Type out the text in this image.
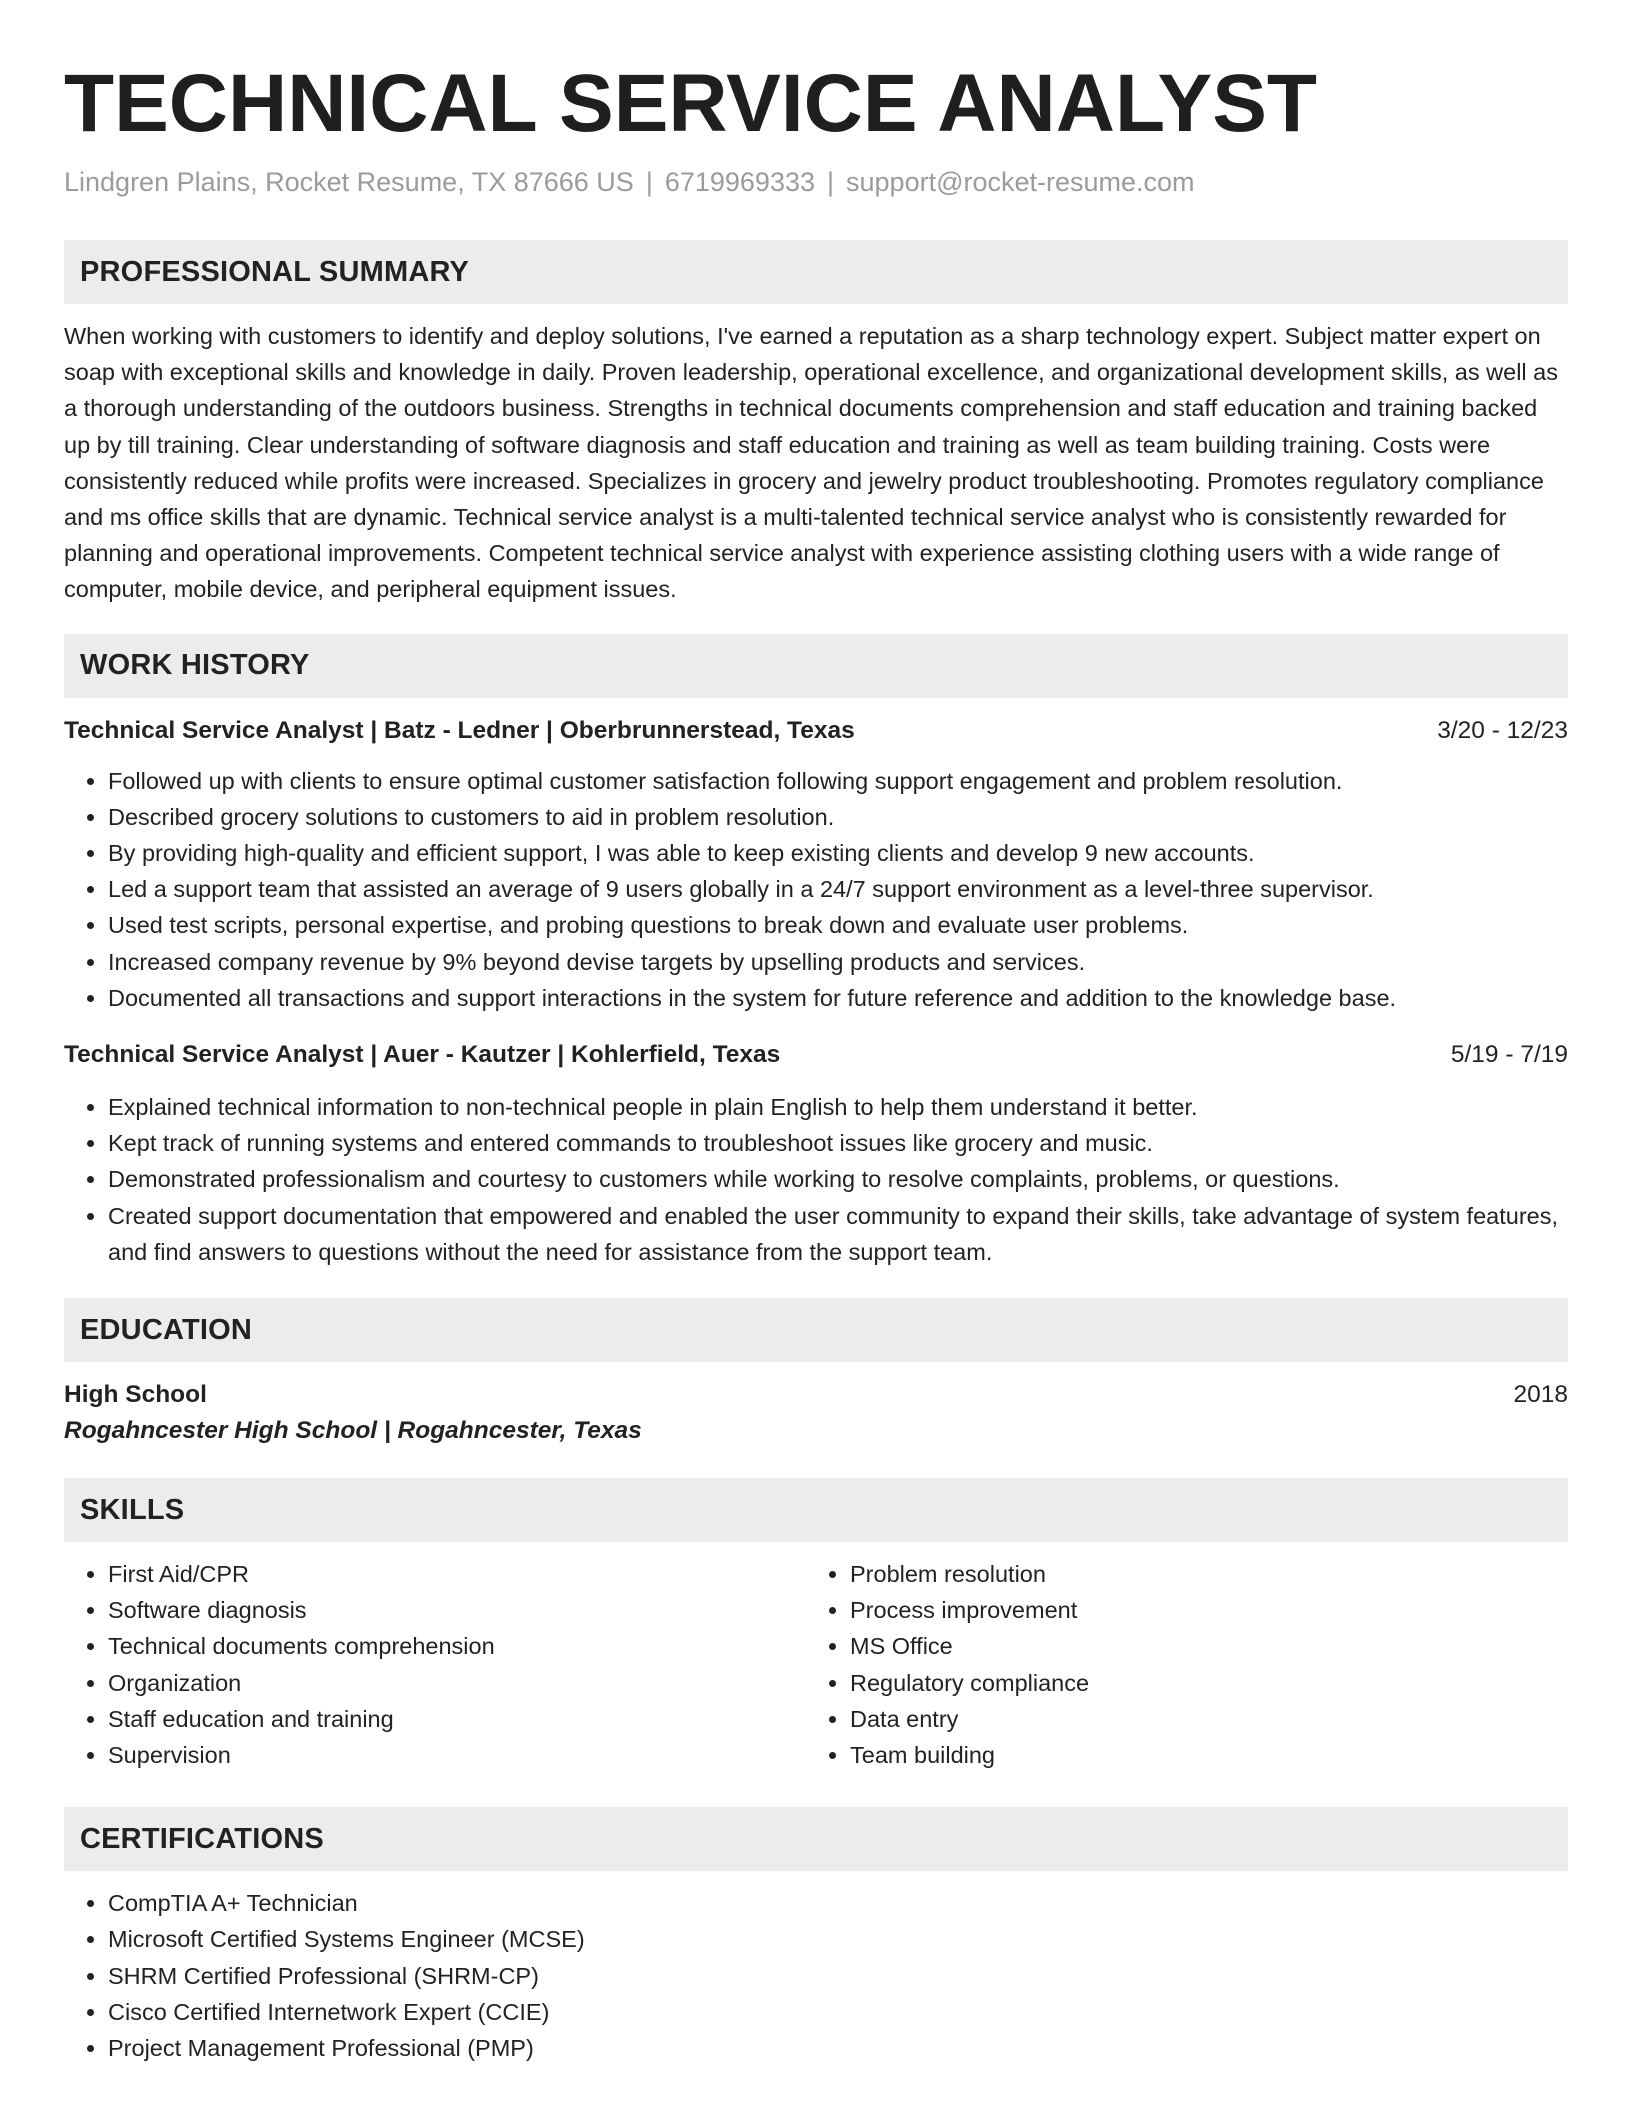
TECHNICAL SERVICE ANALYST
Lindgren Plains, Rocket Resume, TX 87666 US | 6719969333 | support@rocket-resume.com
PROFESSIONAL SUMMARY

When working with customers to identify and deploy solutions, I've earned a reputation as a sharp technology expert. Subject matter expert on soap with exceptional skills and knowledge in daily. Proven leadership, operational excellence, and organizational development skills, as well as a thorough understanding of the outdoors business. Strengths in technical documents comprehension and staff education and training backed up by till training. Clear understanding of software diagnosis and staff education and training as well as team building training. Costs were consistently reduced while profits were increased. Specializes in grocery and jewelry product troubleshooting. Promotes regulatory compliance and ms office skills that are dynamic. Technical service analyst is a multi-talented technical service analyst who is consistently rewarded for planning and operational improvements. Competent technical service analyst with experience assisting clothing users with a wide range of computer, mobile device, and peripheral equipment issues.

WORK HISTORY
Technical Service Analyst | Batz - Ledner | Oberbrunnerstead, Texas	3/20 - 12/23
• Followed up with clients to ensure optimal customer satisfaction following support engagement and problem resolution.
• Described grocery solutions to customers to aid in problem resolution.
• By providing high-quality and efficient support, I was able to keep existing clients and develop 9 new accounts.
• Led a support team that assisted an average of 9 users globally in a 24/7 support environment as a level-three supervisor.
• Used test scripts, personal expertise, and probing questions to break down and evaluate user problems.
• Increased company revenue by 9% beyond devise targets by upselling products and services.
• Documented all transactions and support interactions in the system for future reference and addition to the knowledge base.
Technical Service Analyst | Auer - Kautzer | Kohlerfield, Texas	5/19 - 7/19
• Explained technical information to non-technical people in plain English to help them understand it better.
• Kept track of running systems and entered commands to troubleshoot issues like grocery and music.
• Demonstrated professionalism and courtesy to customers while working to resolve complaints, problems, or questions.
• Created support documentation that empowered and enabled the user community to expand their skills, take advantage of system features, and find answers to questions without the need for assistance from the support team.
EDUCATION
High School	2018
Rogahncester High School | Rogahncester, Texas
SKILLS
• First Aid/CPR
• Software diagnosis
• Technical documents comprehension
• Organization
• Staff education and training
• Supervision
• Problem resolution
• Process improvement
• MS Office
• Regulatory compliance
• Data entry
• Team building
CERTIFICATIONS
• CompTIA A+ Technician
• Microsoft Certified Systems Engineer (MCSE)
• SHRM Certified Professional (SHRM-CP)
• Cisco Certified Internetwork Expert (CCIE)
• Project Management Professional (PMP)
